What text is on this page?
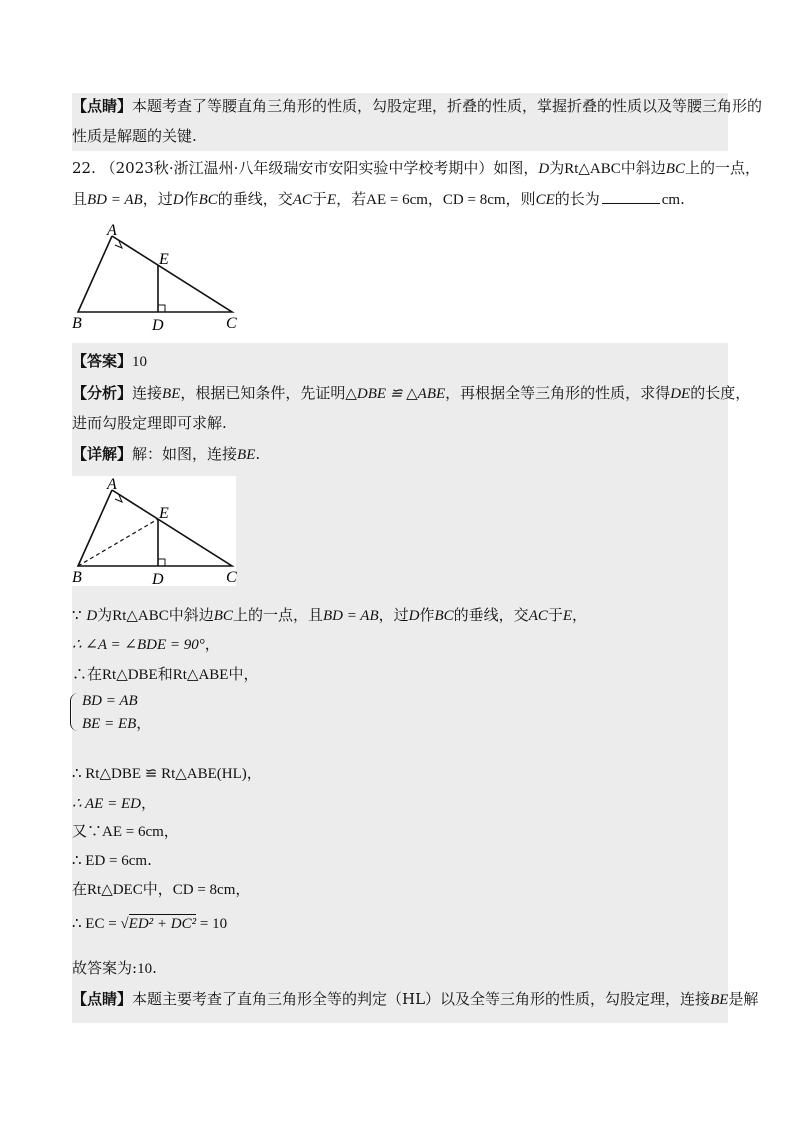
【点睛】本题考查了等腰直角三角形的性质，勾股定理，折叠的性质，掌握折叠的性质以及等腰三角形的
性质是解题的关键.
22. （2023秋·浙江温州·八年级瑞安市安阳实验中学校考期中）如图，D为Rt△ABC中斜边BC上的一点，
且BD = AB，过D作BC的垂线，交AC于E，若AE = 6cm，CD = 8cm，则CE的长为	cm.
A
E
B	D	C
【答案】10
【分析】连接BE，根据已知条件，先证明△DBE ≌ △ABE，再根据全等三角形的性质，求得DE的长度，
进而勾股定理即可求解.
【详解】解：如图，连接BE.
A
E
B	D	C
∵ D为Rt△ABC中斜边BC上的一点，且BD = AB，过D作BC的垂线，交AC于E，
∴ ∠A = ∠BDE = 90°，
∴在Rt△DBE和Rt△ABE中，
BD = AB
BE = EB，
∴ Rt△DBE ≌ Rt△ABE(HL)，
∴ AE = ED，
又∵AE = 6cm，
∴ ED = 6cm.
在Rt△DEC中，CD = 8cm，
∴ EC = √ED² + DC² = 10
故答案为:10.
【点睛】本题主要考查了直角三角形全等的判定（HL）以及全等三角形的性质，勾股定理，连接BE是解
